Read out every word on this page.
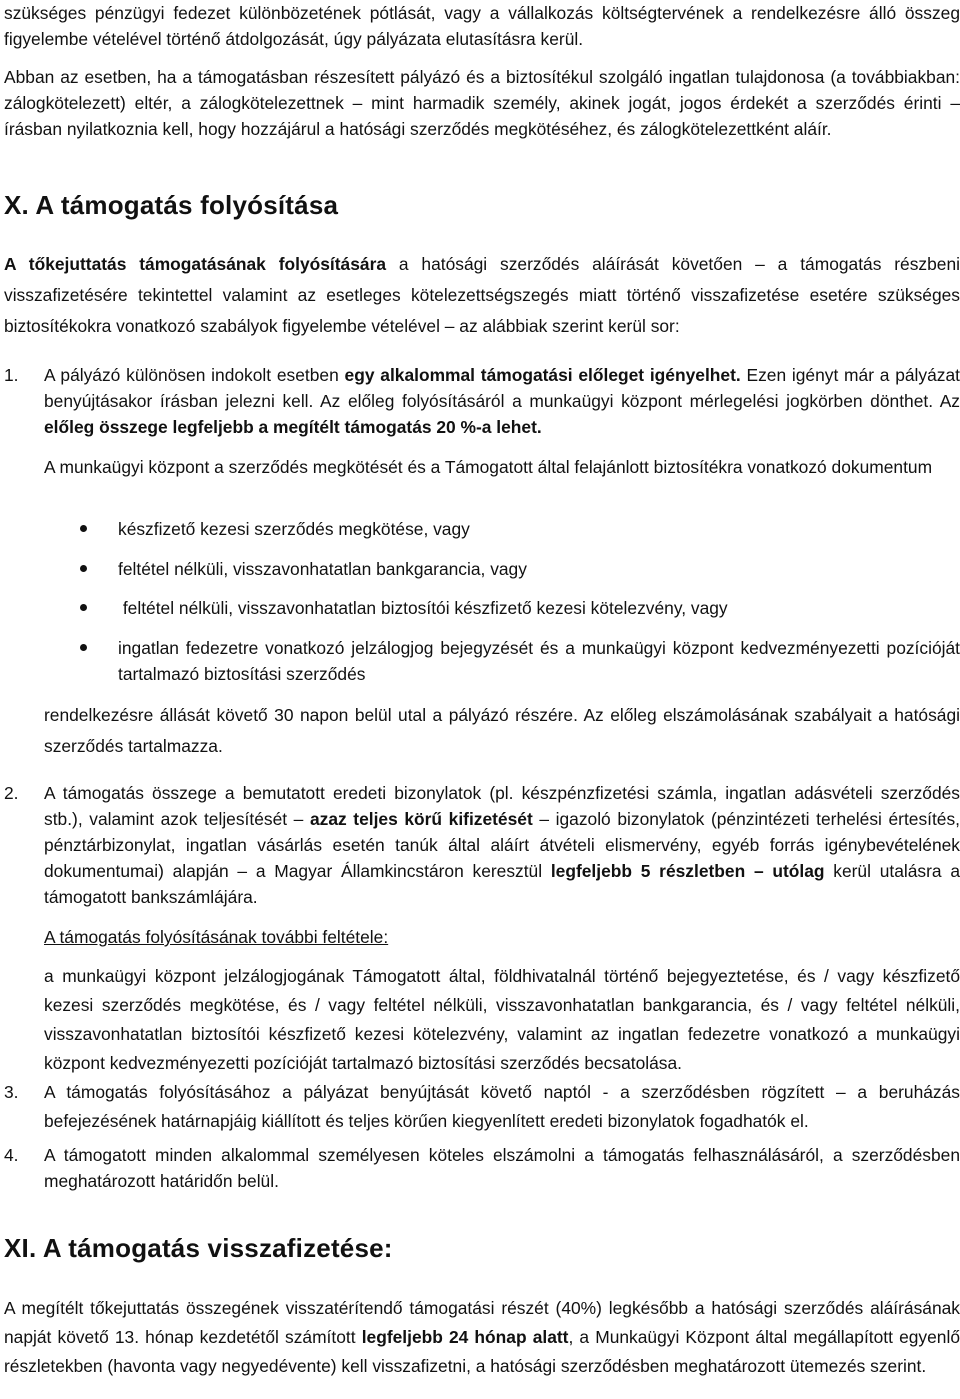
szükséges pénzügyi fedezet különbözetének pótlását, vagy a vállalkozás költségtervének a rendelkezésre álló összeg figyelembe vételével történő átdolgozását, úgy pályázata elutasításra kerül.

Abban az esetben, ha a támogatásban részesített pályázó és a biztosítékul szolgáló ingatlan tulajdonosa (a továbbiakban: zálogkötelezett) eltér, a zálogkötelezettnek – mint harmadik személy, akinek jogát, jogos érdekét a szerződés érinti – írásban nyilatkoznia kell, hogy hozzájárul a hatósági szerződés megkötéséhez, és zálogkötelezettként aláír.

X. A támogatás folyósítása

A tőkejuttatás támogatásának folyósítására a hatósági szerződés aláírását követően – a támogatás részbeni visszafizetésére tekintettel valamint az esetleges kötelezettségszegés miatt történő visszafizetése esetére szükséges biztosítékokra vonatkozó szabályok figyelembe vételével – az alábbiak szerint kerül sor:

1. A pályázó különösen indokolt esetben egy alkalommal támogatási előleget igényelhet. Ezen igényt már a pályázat benyújtásakor írásban jelezni kell. Az előleg folyósításáról a munkaügyi központ mérlegelési jogkörben dönthet. Az előleg összege legfeljebb a megítélt támogatás 20 %-a lehet.

A munkaügyi központ a szerződés megkötését és a Támogatott által felajánlott biztosítékra vonatkozó dokumentum

készfizető kezesi szerződés megkötése, vagy
feltétel nélküli, visszavonhatatlan bankgarancia, vagy
feltétel nélküli, visszavonhatatlan biztosítói készfizető kezesi kötelezvény, vagy
ingatlan fedezetre vonatkozó jelzálogjog bejegyzését és a munkaügyi központ kedvezményezetti pozícióját tartalmazó biztosítási szerződés

rendelkezésre állását követő 30 napon belül utal a pályázó részére. Az előleg elszámolásának szabályait a hatósági szerződés tartalmazza.

2. A támogatás összege a bemutatott eredeti bizonylatok (pl. készpénzfizetési számla, ingatlan adásvételi szerződés stb.), valamint azok teljesítését – azaz teljes körű kifizetését – igazoló bizonylatok (pénzintézeti terhelési értesítés, pénztárbizonylat, ingatlan vásárlás esetén tanúk által aláírt átvételi elismervény, egyéb forrás igénybevételének dokumentumai) alapján – a Magyar Államkincstáron keresztül legfeljebb 5 részletben – utólag kerül utalásra a támogatott bankszámlájára.

A támogatás folyósításának további feltétele:

a munkaügyi központ jelzálogjogának Támogatott által, földhivatalnál történő bejegyeztetése, és / vagy készfizető kezesi szerződés megkötése, és / vagy feltétel nélküli, visszavonhatatlan bankgarancia, és / vagy feltétel nélküli, visszavonhatatlan biztosítói készfizető kezesi kötelezvény, valamint az ingatlan fedezetre vonatkozó a munkaügyi központ kedvezményezetti pozícióját tartalmazó biztosítási szerződés becsatolása.

3. A támogatás folyósításához a pályázat benyújtását követő naptól - a szerződésben rögzített – a beruházás befejezésének határnapjáig kiállított és teljes körűen kiegyenlített eredeti bizonylatok fogadhatók el.

4. A támogatott minden alkalommal személyesen köteles elszámolni a támogatás felhasználásáról, a szerződésben meghatározott határidőn belül.

XI. A támogatás visszafizetése:

A megítélt tőkejuttatás összegének visszatérítendő támogatási részét (40%) legkésőbb a hatósági szerződés aláírásának napját követő 13. hónap kezdetétől számított legfeljebb 24 hónap alatt, a Munkaügyi Központ által megállapított egyenlő részletekben (havonta vagy negyedévente) kell visszafizetni, a hatósági szerződésben meghatározott ütemezés szerint.
